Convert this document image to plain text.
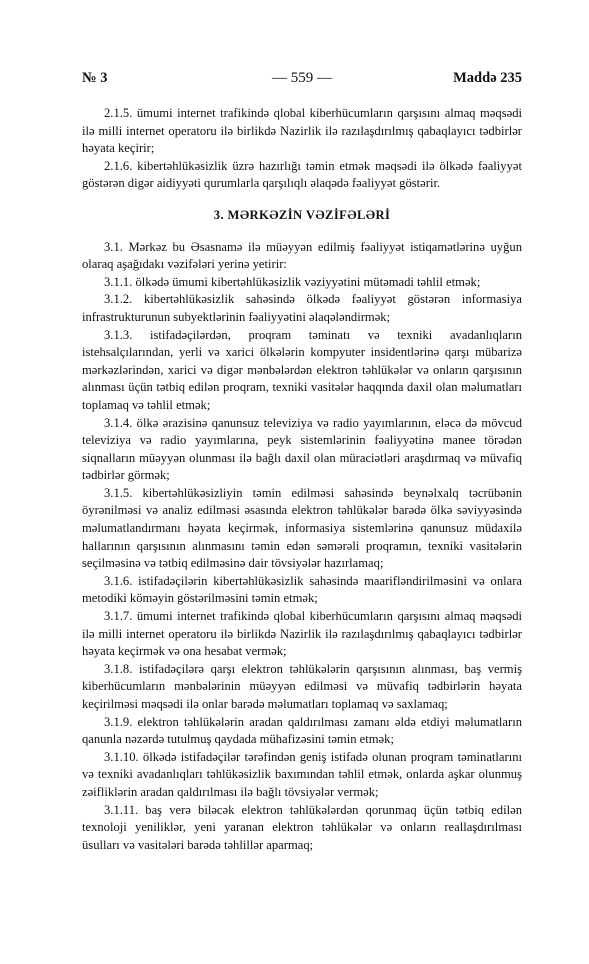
№ 3	— 559 —	Maddə 235

2.1.5. ümumi internet trafikində qlobal kiberhücumların qarşısını almaq məqsədi ilə milli internet operatoru ilə birlikdə Nazirlik ilə razılaşdırılmış qabaqlayıcı tədbirlər həyata keçirir;

2.1.6. kibertəhlükəsizlik üzrə hazırlığı təmin etmək məqsədi ilə ölkədə fəaliyyət göstərən digər aidiyyəti qurumlarla qarşılıqlı əlaqədə fəaliyyət göstərir.

3. MƏRKƏZİN VƏZİFƏLƏRİ

3.1. Mərkəz bu Əsasnamə ilə müəyyən edilmiş fəaliyyət istiqamətlərinə uyğun olaraq aşağıdakı vəzifələri yerinə yetirir:

3.1.1. ölkədə ümumi kibertəhlükəsizlik vəziyyətini mütəmadi təhlil etmək;

3.1.2. kibertəhlükəsizlik sahəsində ölkədə fəaliyyət göstərən informasiya infrastrukturunun subyektlərinin fəaliyyətini əlaqələndirmək;

3.1.3. istifadəçilərdən, proqram təminatı və texniki avadanlıqların istehsalçılarından, yerli və xarici ölkələrin kompyuter insidentlərinə qarşı mübarizə mərkəzlərindən, xarici və digər mənbələrdən elektron təhlükələr və onların qarşısının alınması üçün tətbiq edilən proqram, texniki vasitələr haqqında daxil olan məlumatları toplamaq və təhlil etmək;

3.1.4. ölkə ərazisinə qanunsuz televiziya və radio yayımlarının, eləcə də mövcud televiziya və radio yayımlarına, peyk sistemlərinin fəaliyyətinə manee törədən siqnalların müəyyən olunması ilə bağlı daxil olan müraciətləri araşdırmaq və müvafiq tədbirlər görmək;

3.1.5. kibertəhlükəsizliyin təmin edilməsi sahəsində beynəlxalq təcrübənin öyrənilməsi və analiz edilməsi əsasında elektron təhlükələr barədə ölkə səviyyəsində məlumatlandırmanı həyata keçirmək, informasiya sistemlərinə qanunsuz müdaxilə hallarının qarşısının alınmasını təmin edən səmərəli proqramın, texniki vasitələrin seçilməsinə və tətbiq edilməsinə dair tövsiyələr hazırlamaq;

3.1.6. istifadəçilərin kibertəhlükəsizlik sahəsində maarifləndirilməsini və onlara metodiki köməyin göstərilməsini təmin etmək;

3.1.7. ümumi internet trafikində qlobal kiberhücumların qarşısını almaq məqsədi ilə milli internet operatoru ilə birlikdə Nazirlik ilə razılaşdırılmış qabaqlayıcı tədbirlər həyata keçirmək və ona hesabat vermək;

3.1.8. istifadəçilərə qarşı elektron təhlükələrin qarşısının alınması, baş vermiş kiberhücumların mənbələrinin müəyyən edilməsi və müvafiq tədbirlərin həyata keçirilməsi məqsədi ilə onlar barədə məlumatları toplamaq və saxlamaq;

3.1.9. elektron təhlükələrin aradan qaldırılması zamanı əldə etdiyi məlumatların qanunla nəzərdə tutulmuş qaydada mühafizəsini təmin etmək;

3.1.10. ölkədə istifadəçilər tərəfindən geniş istifadə olunan proqram təminatlarını və texniki avadanlıqları təhlükəsizlik baxımından təhlil etmək, onlarda aşkar olunmuş zəifliklərin aradan qaldırılması ilə bağlı tövsiyələr vermək;

3.1.11. baş verə biləcək elektron təhlükələrdən qorunmaq üçün tətbiq edilən texnoloji yeniliklər, yeni yaranan elektron təhlükələr və onların reallaşdırılması üsulları və vasitələri barədə təhlillər aparmaq;
